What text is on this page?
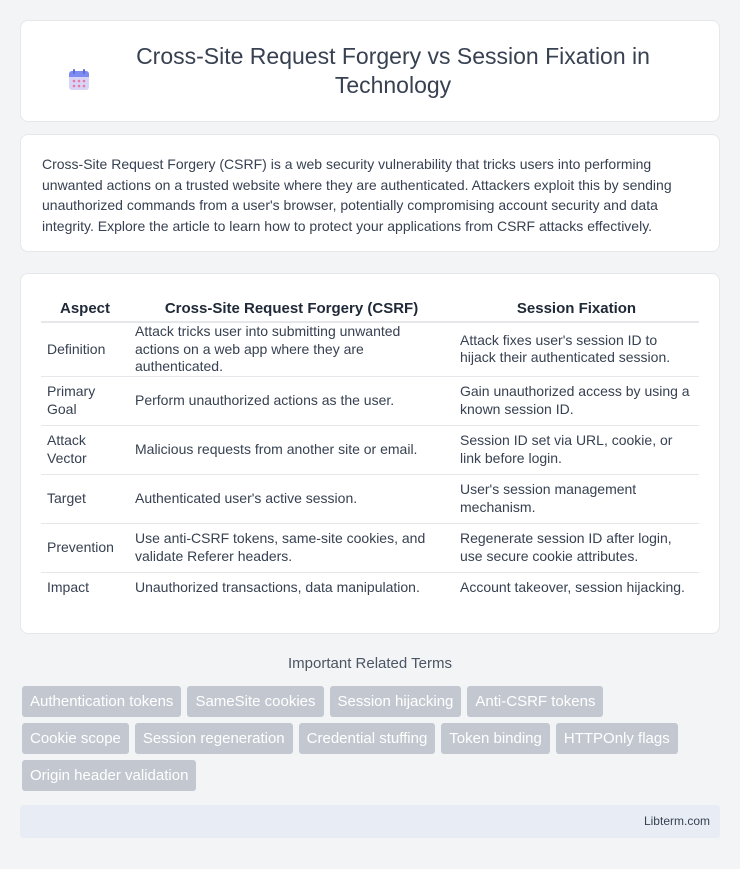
Cross-Site Request Forgery vs Session Fixation in Technology

Cross-Site Request Forgery (CSRF) is a web security vulnerability that tricks users into performing unwanted actions on a trusted website where they are authenticated. Attackers exploit this by sending unauthorized commands from a user's browser, potentially compromising account security and data integrity. Explore the article to learn how to protect your applications from CSRF attacks effectively.

Aspect	Cross-Site Request Forgery (CSRF)	Session Fixation
Definition	Attack tricks user into submitting unwanted actions on a web app where they are authenticated.	Attack fixes user's session ID to hijack their authenticated session.
Primary Goal	Perform unauthorized actions as the user.	Gain unauthorized access by using a known session ID.
Attack Vector	Malicious requests from another site or email.	Session ID set via URL, cookie, or link before login.
Target	Authenticated user's active session.	User's session management mechanism.
Prevention	Use anti-CSRF tokens, same-site cookies, and validate Referer headers.	Regenerate session ID after login, use secure cookie attributes.
Impact	Unauthorized transactions, data manipulation.	Account takeover, session hijacking.
Important Related Terms
Authentication tokens	SameSite cookies	Session hijacking	Anti-CSRF tokens
Cookie scope	Session regeneration	Credential stuffing	Token binding	HTTPOnly flags
Origin header validation
Libterm.com
